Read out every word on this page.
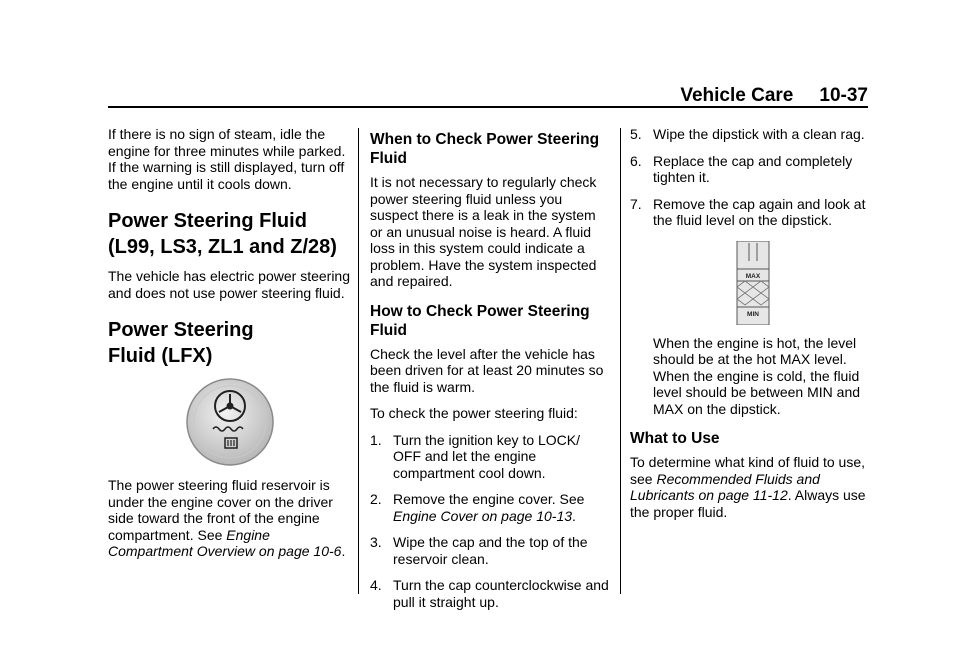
Vehicle Care 10-37

If there is no sign of steam, idle the engine for three minutes while parked. If the warning is still displayed, turn off the engine until it cools down.

Power Steering Fluid
(L99, LS3, ZL1 and Z/28)

The vehicle has electric power steering and does not use power steering fluid.

Power Steering
Fluid (LFX)

The power steering fluid reservoir is under the engine cover on the driver side toward the front of the engine compartment. See Engine Compartment Overview on page 10-6.

When to Check Power Steering Fluid

It is not necessary to regularly check power steering fluid unless you suspect there is a leak in the system or an unusual noise is heard. A fluid loss in this system could indicate a problem. Have the system inspected and repaired.

How to Check Power Steering Fluid

Check the level after the vehicle has been driven for at least 20 minutes so the fluid is warm.

To check the power steering fluid:

1. Turn the ignition key to LOCK/ OFF and let the engine compartment cool down.
2. Remove the engine cover. See Engine Cover on page 10-13.
3. Wipe the cap and the top of the reservoir clean.
4. Turn the cap counterclockwise and pull it straight up.
5. Wipe the dipstick with a clean rag.
6. Replace the cap and completely tighten it.
7. Remove the cap again and look at the fluid level on the dipstick.
MAX
MIN

When the engine is hot, the level should be at the hot MAX level. When the engine is cold, the fluid level should be between MIN and MAX on the dipstick.

What to Use

To determine what kind of fluid to use, see Recommended Fluids and Lubricants on page 11-12. Always use the proper fluid.
